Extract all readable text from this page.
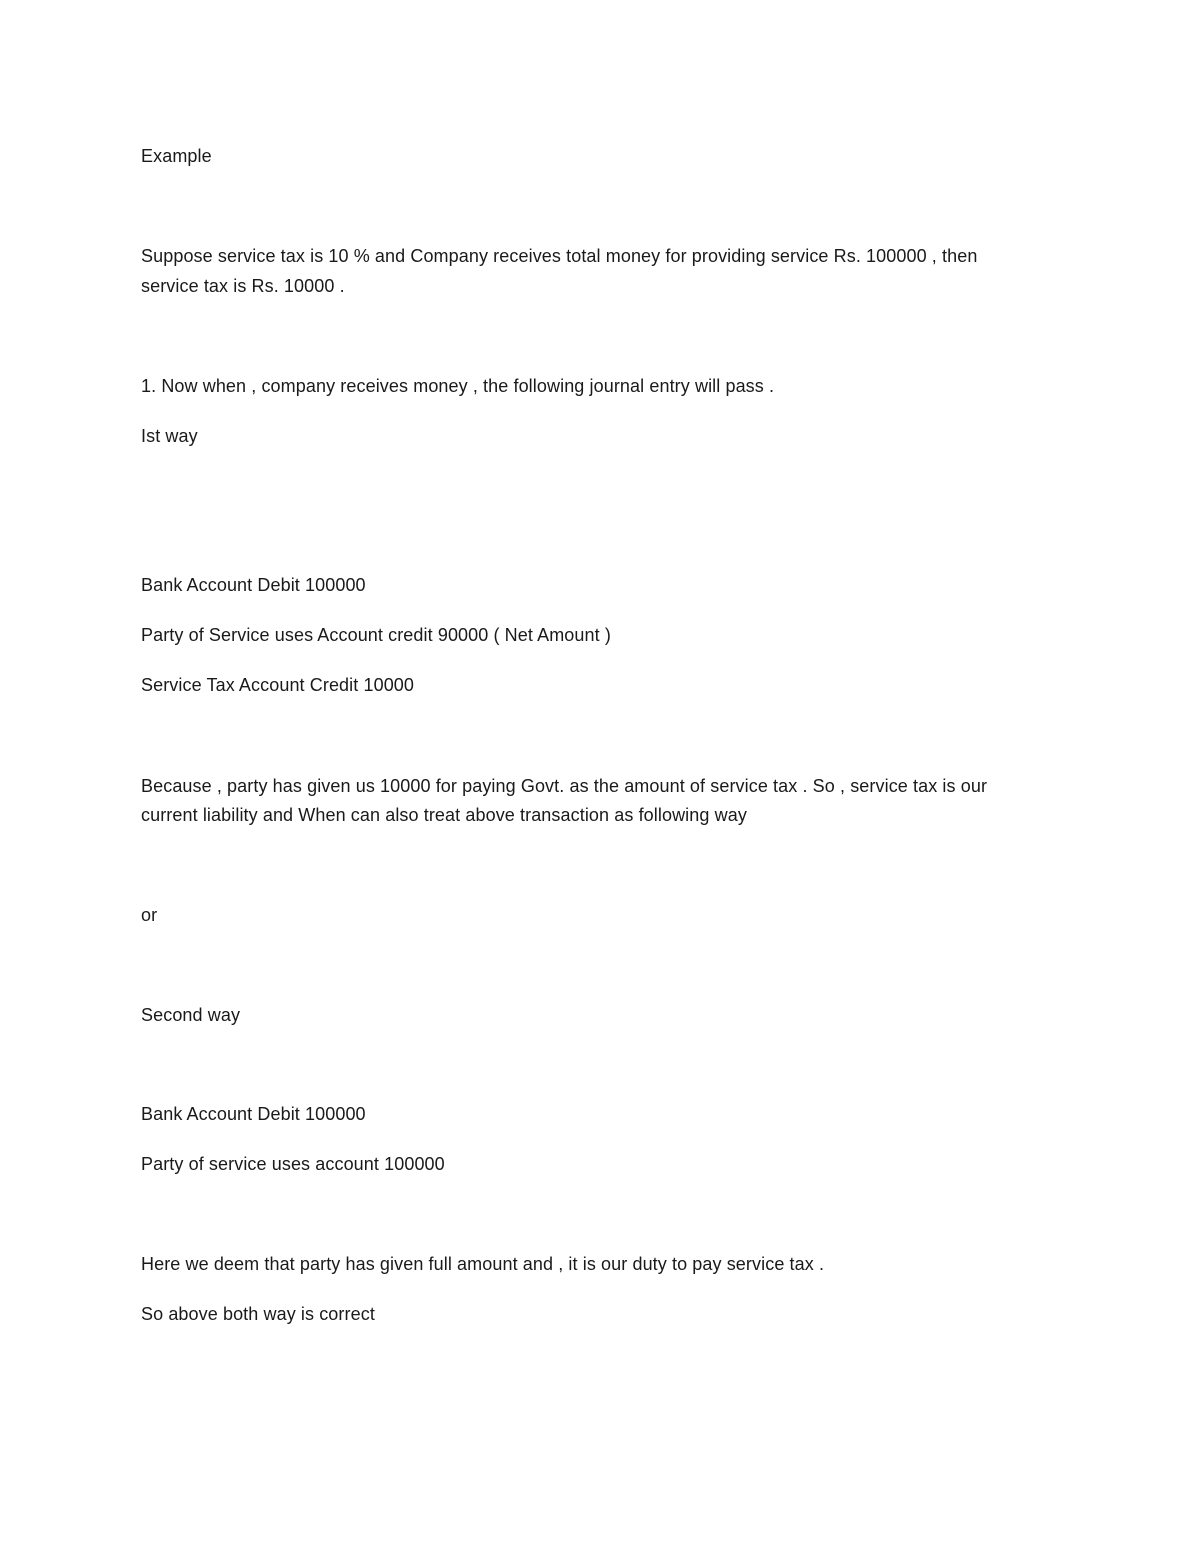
Example
Suppose service tax is 10 % and Company receives total money for providing service Rs. 100000 , then
service tax is Rs. 10000 .
1. Now when , company receives money , the following journal entry will pass .
Ist way
Bank Account Debit 100000
Party of Service uses Account credit 90000 ( Net Amount )
Service Tax Account Credit 10000
Because , party has given us 10000 for paying Govt. as the amount of service tax . So , service tax is our
current liability and When can also treat above transaction as following way
or
Second way
Bank Account Debit 100000
Party of service uses account 100000
Here we deem that party has given full amount and , it is our duty to pay service tax .
So above both way is correct
